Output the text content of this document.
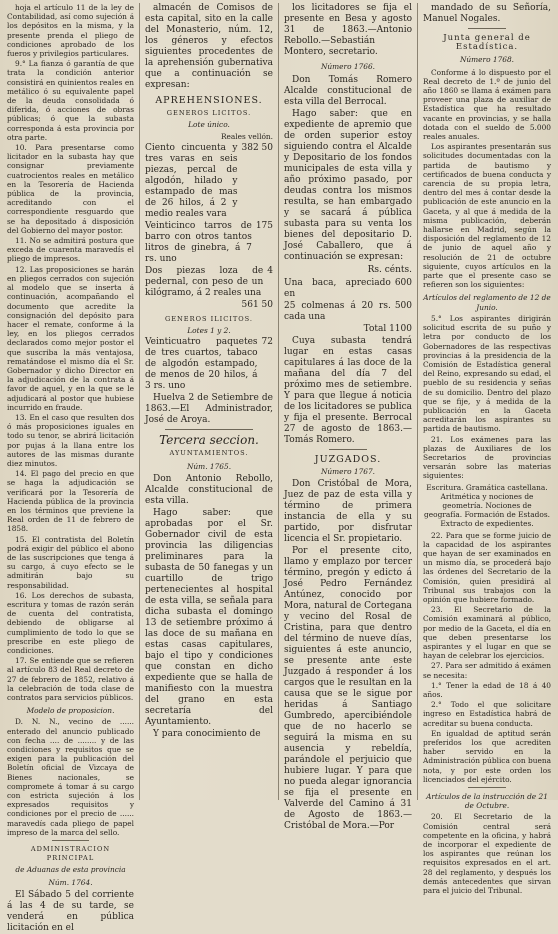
hoja el artículo 11 de la ley de Contabilidad, así como sujeción á los depósitos en la misma, y la presente prenda el pliego de condiciones aprobado de los fueros y privilegios particulares.

9.° La fianza ó garantía de que trata la condición anterior consistirá en quinientos reales en metálico ó su equivalente papel de la deuda consolidada ó diferida, ó acciones de obras públicas; ó que la subasta corresponda á esta provincia por otra parte.

10. Para presentarse como licitador en la subasta hay que consignar previamente cuatrocientos reales en metálico en la Tesorería de Hacienda pública de la provincia, acreditando con el correspondiente resguardo que se ha depositado á disposición del Gobierno del mayor postor.

11. No se admitirá postura que exceda de cuarenta maravedís el pliego de impresos.

12. Las proposiciones se harán en pliegos cerrados con sujeción al modelo que se inserta á continuación, acompañando el documento que acredite la consignación del depósito para hacer el remate, conforme á la ley, en los pliegos cerrados declarados como mejor postor el que suscriba la más ventajosa, rematándose el mismo día el Sr. Gobernador y dicho Director en la adjudicación de la contrata á favor de aquel, y en la que se le adjudicará al postor que hubiese incurrido en fraude.

13. En el caso que resulten dos ó más proposiciones iguales en todo su tenor, se abrirá licitación por pujas á la llana entre los autores de las mismas durante diez minutos.

14. El pago del precio en que se haga la adjudicación se verificará por la Tesorería de Hacienda pública de la provincia en los términos que previene la Real orden de 11 de febrero de 1858.

15. El contratista del Boletín podrá exigir del público el abono de las suscripciones que tenga á su cargo, á cuyo efecto se le admitirán bajo su responsabilidad.

16. Los derechos de subasta, escritura y tomas de razón serán de cuenta del contratista, debiendo de obligarse al cumplimiento de todo lo que se prescribe en este pliego de condiciones.

17. Se entiende que se refieren al artículo 83 del Real decreto de 27 de febrero de 1852, relativo á la celebración de toda clase de contratos para servicios públicos.

Modelo de proposicion.

D. N. N., vecino de ...... enterado del anuncio publicado con fecha .... de ........ y de las condiciones y requisitos que se exigen para la publicación del Boletín oficial de Vizcaya de Bienes nacionales, se compromete á tomar á su cargo con estricta sujeción á los expresados requisitos y condiciones por el precio de ...... maravedís cada pliego de papel impreso de la marca del sello.

ADMINISTRACION PRINCIPAL
de Aduanas de esta provincia
Núm. 1764.

El Sábado 5 del corriente á las 4 de su tarde, se venderá en pública licitación en el

almacén de Comisos de esta capital, sito en la calle del Monasterio, núm. 12, los géneros y efectos siguientes procedentes de la aprehensión gubernativa que a continuación se expresan:

APREHENSIONES.
GENEROS LICITOS.
Lote único.
Reales vellón.

Ciento cincuenta y tres varas en seis piezas, percal de algodón, hilado y estampado de mas de 26 hilos, á 2 y medio reales vara
382 50

Veinticinco tarros de barro con otros tantos litros de ginebra, á 7 rs. uno
175

Dos piezas loza de pedernal, con peso de un kilógramo, á 2 reales una
4

561 50

GENEROS ILICITOS.
Lotes 1 y 2.

Veinticuatro paquetes de tres cuartos, tabaco de algodón estampado, de menos de 20 hilos, á 3 rs. uno
72

Huelva 2 de Setiembre de 1863.—El Administrador, José de Aroya.

Tercera seccion.
AYUNTAMIENTOS.
Núm. 1765.

Don Antonio Rebollo, Alcalde constitucional de esta villa.

Hago saber: que aprobadas por el Sr. Gobernador civil de esta provincia las diligencias preliminares para la subasta de 50 fanegas y un cuartillo de trigo pertenecientes al hospital de esta villa, se señala para dicha subasta el domingo 13 de setiembre próximo á las doce de su mañana en estas casas capitulares, bajo el tipo y condiciones que constan en dicho expediente que se halla de manifiesto con la muestra del grano en esta secretaría del Ayuntamiento.

Y para conocimiento de

los licitadores se fija el presente en Besa y agosto 31 de 1863.—Antonio Rebollo.—Sebastián Montero, secretario.

Número 1766.

Don Tomás Romero Alcalde constitucional de esta villa del Berrocal.

Hago saber: que en expediente de apremio que de orden superior estoy siguiendo contra el Alcalde y Depositario de los fondos municipales de esta villa y año próximo pasado, por deudas contra los mismos resulta, se han embargado y se sacará á pública subasta para su venta los bienes del depositario D. José Caballero, que á continuación se expresan:

Rs. cénts.

Una baca, apreciado en
600

25 colmenas á 20 rs. cada una
500

Total 1100

Cuya subasta tendrá lugar en estas casas capitulares á las doce de la mañana del día 7 del próximo mes de setiembre. Y para que llegue á noticia de los licitadores se publica y fija el presente. Berrocal 27 de agosto de 1863.—Tomás Romero.

JUZGADOS.
Número 1767.

Don Cristóbal de Mora, Juez de paz de esta villa y término de primera instancia de ella y su partido, por disfrutar licencia el Sr. propietario.

Por el presente cito, llamo y emplazo por tercer término, pregón y edicto á José Pedro Fernández Antúnez, conocido por Mora, natural de Cortegana y vecino del Rosal de Cristina, para que dentro del término de nueve días, siguientes á este anuncio, se presente ante este Juzgado á responder á los cargos que le resultan en la causa que se le sigue por heridas á Santiago Gumbredo, apercibiéndole que de no hacerlo se seguirá la misma en su ausencia y rebeldía, parándole el perjuicio que hubiere lugar. Y para que no pueda alegar ignorancia se fija el presente en Valverde del Camino á 31 de Agosto de 1863.—Cristóbal de Mora.—Por

mandado de su Señoría, Manuel Nogales.

Junta general de Estadística.
Número 1768.

Conforme á lo dispuesto por el Real decreto de 1.º de junio del año 1860 se llama á exámen para proveer una plaza de auxiliar de Estadística que ha resultado vacante en provincias, y se halla dotada con el sueldo de 5.000 reales anuales.

Los aspirantes presentarán sus solicitudes documentadas con la partida de bautismo y certificados de buena conducta y carencia de su propia letra, dentro del mes á contar desde la publicación de este anuncio en la Gaceta, y al que á medida de la misma publicación, deberán hallarse en Madrid, según la disposición del reglamento de 12 de junio de aquel año y resolución de 21 de octubre siguiente, cuyos artículos en la parte que el presente caso se refieren son los siguientes:

Artículos del reglamento de 12 de Junio.

5.° Los aspirantes dirigirán solicitud escrita de su puño y letra por conducto de los Gobernadores de las respectivas provincias á la presidencia de la Comisión de Estadística general del Reino, expresando su edad, el pueblo de su residencia y señas de su domicilio. Dentro del plazo que se fije, y á medida de la publicación en la Gaceta acreditarán los aspirantes su partida de bautismo.

21. Los exámenes para las plazas de Auxiliares de los Secretarios de provincias versarán sobre las materias siguientes:

Escritura. Gramática castellana. Aritmética y nociones de geometría. Nociones de geografía. Formación de Estados. Extracto de expedientes.

22. Para que se forme juicio de la capacidad de los aspirantes que hayan de ser examinados en un mismo día, se procederá bajo las órdenes del Secretario de la Comisión, quien presidirá al Tribunal sus trabajos con la opinión que hubiere formado.

23. El Secretario de la Comisión examinará al público, por medio de la Gaceta, el día en que deben presentarse los aspirantes y el lugar en que se hayan de celebrar los ejercicios.

27. Para ser admitido á exámen se necesita:

1.° Tener la edad de 18 á 40 años.

2.° Todo el que solicitare ingreso en Estadística habrá de acreditar su buena conducta.

En igualdad de aptitud serán preferidos los que acrediten haber servido en la Administración pública con buena nota, y por este orden los licenciados del ejército.

Artículos de la instrucción de 21 de Octubre.

20. El Secretario de la Comisión central será competente en la oficina, y habrá de incorporar el expediente de los aspirantes que reúnan los requisitos expresados en el art. 28 del reglamento, y después los demás antecedentes que sirvan para el juicio del Tribunal.
